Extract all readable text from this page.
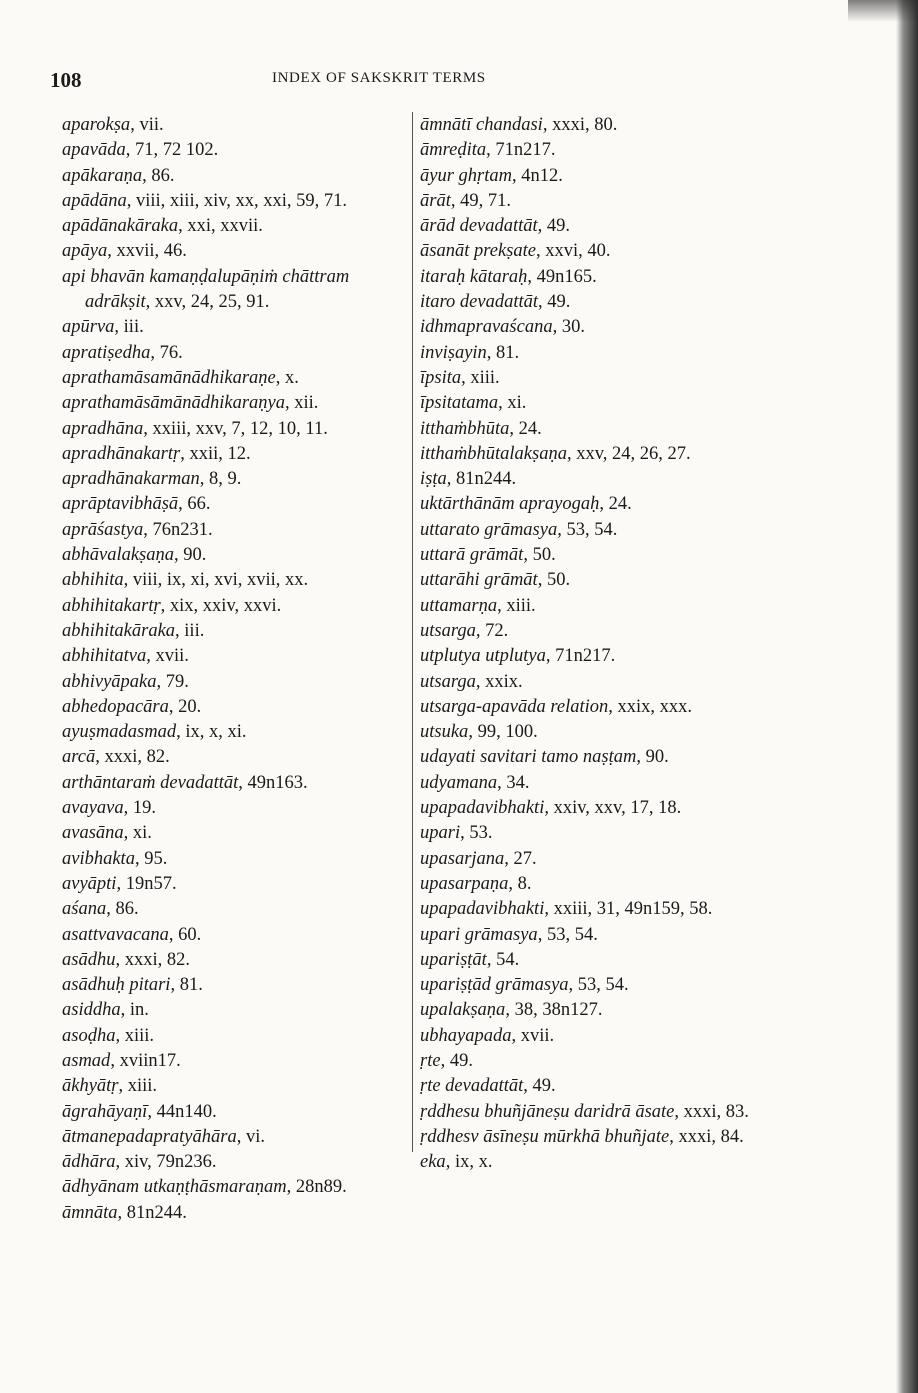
108	INDEX OF SAKSKRIT TERMS
aparokṣa, vii.
apavāda, 71, 72 102.
apākaraṇa, 86.
apādāna, viii, xiii, xiv, xx, xxi, 59, 71.
apādānakāraka, xxi, xxvii.
apāya, xxvii, 46.
api bhavān kamaṇḍalupāṇiṁ chāttram adrākṣit, xxv, 24, 25, 91.
apūrva, iii.
apratiṣedha, 76.
aprathamāsamānādhikaraṇe, x.
aprathamāsāmānādhikaraṇya, xii.
apradhāna, xxiii, xxv, 7, 12, 10, 11.
apradhānakartṛ, xxii, 12.
apradhānakarman, 8, 9.
aprāptavibhāṣā, 66.
aprāśastya, 76n231.
abhāvalakṣaṇa, 90.
abhihita, viii, ix, xi, xvi, xvii, xx.
abhihitakartṛ, xix, xxiv, xxvi.
abhihitakāraka, iii.
abhihitatva, xvii.
abhivyāpaka, 79.
abhedopacāra, 20.
ayuṣmadasmad, ix, x, xi.
arcā, xxxi, 82.
arthāntaraṁ devadattāt, 49n163.
avayava, 19.
avasāna, xi.
avibhakta, 95.
avyāpti, 19n57.
aśana, 86.
asattvavacana, 60.
asādhu, xxxi, 82.
asādhuḥ pitari, 81.
asiddha, in.
asoḍha, xiii.
asmad, xviin17.
ākhyātṛ, xiii.
āgrahāyaṇī, 44n140.
ātmanepadapratyāhāra, vi.
ādhāra, xiv, 79n236.
ādhyānam utkaṇṭhāsmaraṇam, 28n89.
āmnāta, 81n244.
āmnātī chandasi, xxxi, 80.
āmreḍita, 71n217.
āyur ghṛtam, 4n12.
ārāt, 49, 71.
ārād devadattāt, 49.
āsanāt prekṣate, xxvi, 40.
itaraḥ kātaraḥ, 49n165.
itaro devadattāt, 49.
idhmapravaścana, 30.
inviṣayin, 81.
īpsita, xiii.
īpsitatama, xi.
itthaṁbhūta, 24.
itthaṁbhūtalakṣaṇa, xxv, 24, 26, 27.
iṣṭa, 81n244.
uktārthānām aprayogaḥ, 24.
uttarato grāmasya, 53, 54.
uttarā grāmāt, 50.
uttarāhi grāmāt, 50.
uttamarṇa, xiii.
utsarga, 72.
utplutya utplutya, 71n217.
utsarga, xxix.
utsarga-apavāda relation, xxix, xxx.
utsuka, 99, 100.
udayati savitari tamo naṣṭam, 90.
udyamana, 34.
upapadavibhakti, xxiv, xxv, 17, 18.
upari, 53.
upasarjana, 27.
upasarpaṇa, 8.
upapadavibhakti, xxiii, 31, 49n159, 58.
upari grāmasya, 53, 54.
upariṣṭāt, 54.
upariṣṭād grāmasya, 53, 54.
upalakṣaṇa, 38, 38n127.
ubhayapada, xvii.
ṛte, 49.
ṛte devadattāt, 49.
ṛddhesu bhuñjāneṣu daridrā āsate, xxxi, 83.
ṛddhesv āsīneṣu mūrkhā bhuñjate, xxxi, 84.
eka, ix, x.
